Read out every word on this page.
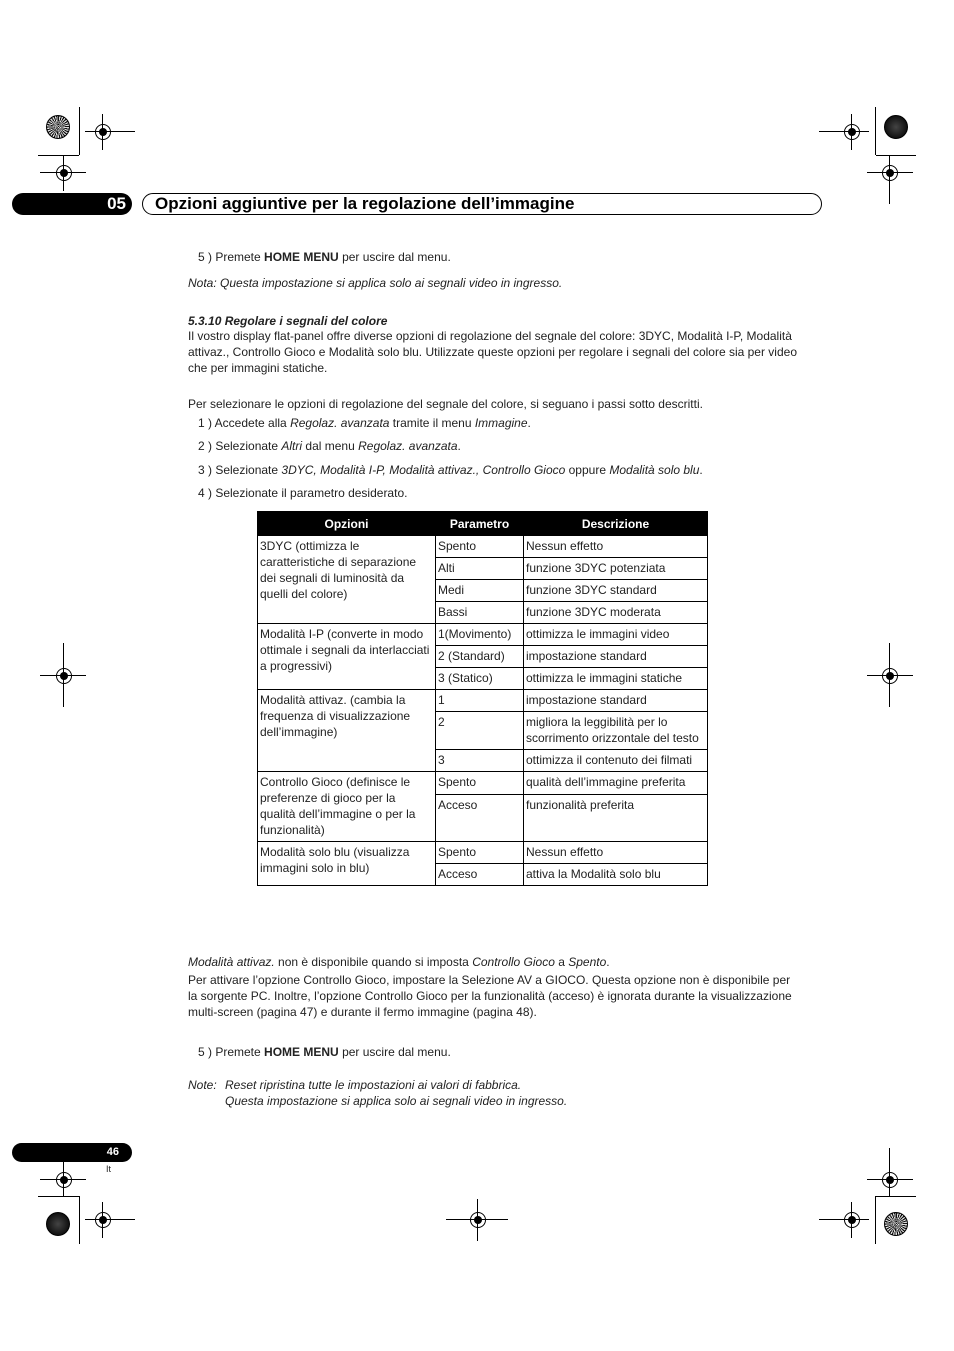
05 Opzioni aggiuntive per la regolazione dell’immagine
5 ) Premete HOME MENU per uscire dal menu.
Nota: Questa impostazione si applica solo ai segnali video in ingresso.
5.3.10 Regolare i segnali del colore
Il vostro display flat-panel offre diverse opzioni di regolazione del segnale del colore: 3DYC, Modalità I-P, Modalità
attivaz., Controllo Gioco e Modalità solo blu. Utilizzate queste opzioni per regolare i segnali del colore sia per video
che per immagini statiche.
Per selezionare le opzioni di regolazione del segnale del colore, si seguano i passi sotto descritti.
1 ) Accedete alla Regolaz. avanzata tramite il menu Immagine.
2 ) Selezionate Altri dal menu Regolaz. avanzata.
3 ) Selezionate 3DYC, Modalità I-P, Modalità attivaz., Controllo Gioco oppure Modalità solo blu.
4 ) Selezionate il parametro desiderato.
Opzioni	Parametro	Descrizione
3DYC (ottimizza le caratteristiche di separazione dei segnali di luminosità da quelli del colore)	Spento	Nessun effetto
	Alti	funzione 3DYC potenziata
	Medi	funzione 3DYC standard
	Bassi	funzione 3DYC moderata
Modalità I-P (converte in modo ottimale i segnali da interlacciati a progressivi)	1(Movimento)	ottimizza le immagini video
	2 (Standard)	impostazione standard
	3 (Statico)	ottimizza le immagini statiche
Modalità attivaz. (cambia la frequenza di visualizzazione dell’immagine)	1	impostazione standard
	2	migliora la leggibilità per lo scorrimento orizzontale del testo
	3	ottimizza il contenuto dei filmati
Controllo Gioco (definisce le preferenze di gioco per la qualità dell’immagine o per la funzionalità)	Spento	qualità dell’immagine preferita
	Acceso	funzionalità preferita
Modalità solo blu (visualizza immagini solo in blu)	Spento	Nessun effetto
	Acceso	attiva la Modalità solo blu
Modalità attivaz. non è disponibile quando si imposta Controllo Gioco a Spento.
Per attivare l’opzione Controllo Gioco, impostare la Selezione AV a GIOCO. Questa opzione non è disponibile per
la sorgente PC. Inoltre, l’opzione Controllo Gioco per la funzionalità (acceso) è ignorata durante la visualizzazione
multi-screen (pagina 47) e durante il fermo immagine (pagina 48).
5 ) Premete HOME MENU per uscire dal menu.
Note: Reset ripristina tutte le impostazioni ai valori di fabbrica.
Questa impostazione si applica solo ai segnali video in ingresso.
46
It
